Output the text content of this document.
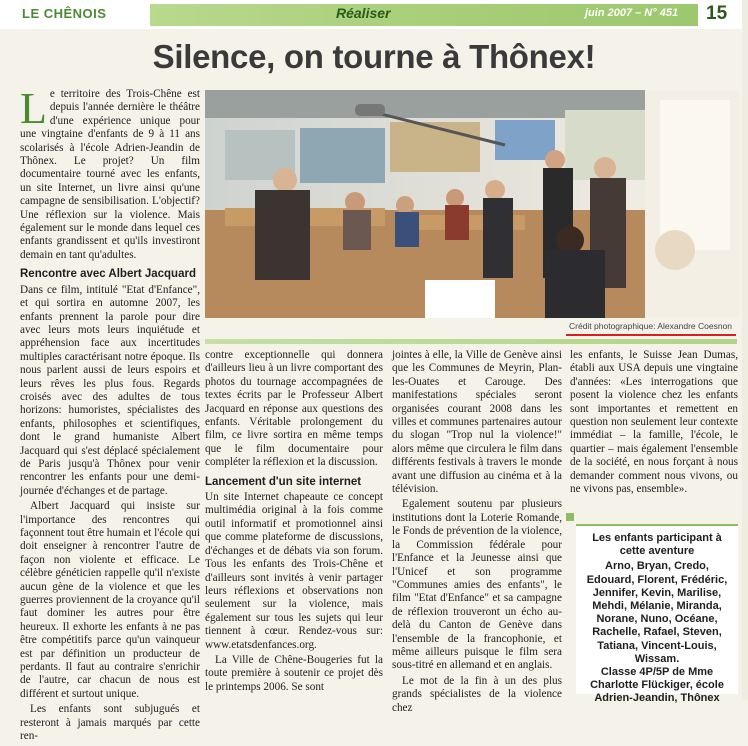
LE CHÊNOIS	Réaliser	juin 2007 – N° 451 15
Silence, on tourne à Thônex!

Le territoire des Trois-Chêne est depuis l'année dernière le théâtre d'une expérience unique pour une vingtaine d'enfants de 9 à 11 ans scolarisés à l'école Adrien-Jeandin de Thônex. Le projet? Un film documentaire tourné avec les enfants, un site Internet, un livre ainsi qu'une campagne de sensibilisation. L'objectif? Une réflexion sur la violence. Mais également sur le monde dans lequel ces enfants grandissent et qu'ils investiront demain en tant qu'adultes.

Rencontre avec Albert Jacquard

Dans ce film, intitulé "Etat d'Enfance", et qui sortira en automne 2007, les enfants prennent la parole pour dire avec leurs mots leurs inquiétude et appréhension face aux incertitudes multiples caractérisant notre époque. Ils nous parlent aussi de leurs espoirs et leurs rêves les plus fous. Regards croisés avec des adultes de tous horizons: humoristes, spécialistes des enfants, philosophes et scientifiques, dont le grand humaniste Albert Jacquard qui s'est déplacé spécialement de Paris jusqu'à Thônex pour venir rencontrer les enfants pour une demi-journée d'échanges et de partage.

Albert Jacquard qui insiste sur l'importance des rencontres qui façonnent tout être humain et l'école qui doit enseigner à rencontrer l'autre de façon non violente et efficace. Le célèbre généticien rappelle qu'il n'existe aucun gène de la violence et que les guerres proviennent de la croyance qu'il faut dominer les autres pour être heureux. Il exhorte les enfants à ne pas être compétitifs parce qu'un vainqueur est par définition un producteur de perdants. Il faut au contraire s'enrichir de l'autre, car chacun de nous est différent et surtout unique.

Les enfants sont subjugués et resteront à jamais marqués par cette ren-

Crédit photographique: Alexandre Coesnon

contre exceptionnelle qui donnera d'ailleurs lieu à un livre comportant des photos du tournage accompagnées de textes écrits par le Professeur Albert Jacquard en réponse aux questions des enfants. Véritable prolongement du film, ce livre sortira en même temps que le film documentaire pour compléter la réflexion et la discussion.

Lancement d'un site internet

Un site Internet chapeaute ce concept multimédia original à la fois comme outil informatif et promotionnel ainsi que comme plateforme de discussions, d'échanges et de débats via son forum. Tous les enfants des Trois-Chêne et d'ailleurs sont invités à venir partager leurs réflexions et observations non seulement sur la violence, mais également sur tous les sujets qui leur tiennent à cœur. Rendez-vous sur: www.etatsdenfances.org.

La Ville de Chêne-Bougeries fut la toute première à soutenir ce projet dès le printemps 2006. Se sont

jointes à elle, la Ville de Genève ainsi que les Communes de Meyrin, Plan-les-Ouates et Carouge. Des manifestations spéciales seront organisées courant 2008 dans les villes et communes partenaires autour du slogan "Trop nul la violence!" alors même que circulera le film dans différents festivals à travers le monde avant une diffusion au cinéma et à la télévision.

Egalement soutenu par plusieurs institutions dont la Loterie Romande, le Fonds de prévention de la violence, la Commission fédérale pour l'Enfance et la Jeunesse ainsi que l'Unicef et son programme "Communes amies des enfants", le film "Etat d'Enfance" et sa campagne de réflexion trouveront un écho au-delà du Canton de Genève dans l'ensemble de la francophonie, et même ailleurs puisque le film sera sous-titré en allemand et en anglais.

Le mot de la fin à un des plus grands spécialistes de la violence chez

les enfants, le Suisse Jean Dumas, établi aux USA depuis une vingtaine d'années: «Les interrogations que posent la violence chez les enfants sont importantes et remettent en question non seulement leur contexte immédiat – la famille, l'école, le quartier – mais également l'ensemble de la société, en nous forçant à nous demander comment nous vivons, ou ne vivons pas, ensemble».

Les enfants participant à cette aventure
Arno, Bryan, Credo, Edouard, Florent, Frédéric, Jennifer, Kevin, Marilise, Mehdi, Mélanie, Miranda, Norane, Nuno, Océane, Rachelle, Rafael, Steven, Tatiana, Vincent-Louis, Wissam.
Classe 4P/5P de Mme Charlotte Flückiger, école Adrien-Jeandin, Thônex
